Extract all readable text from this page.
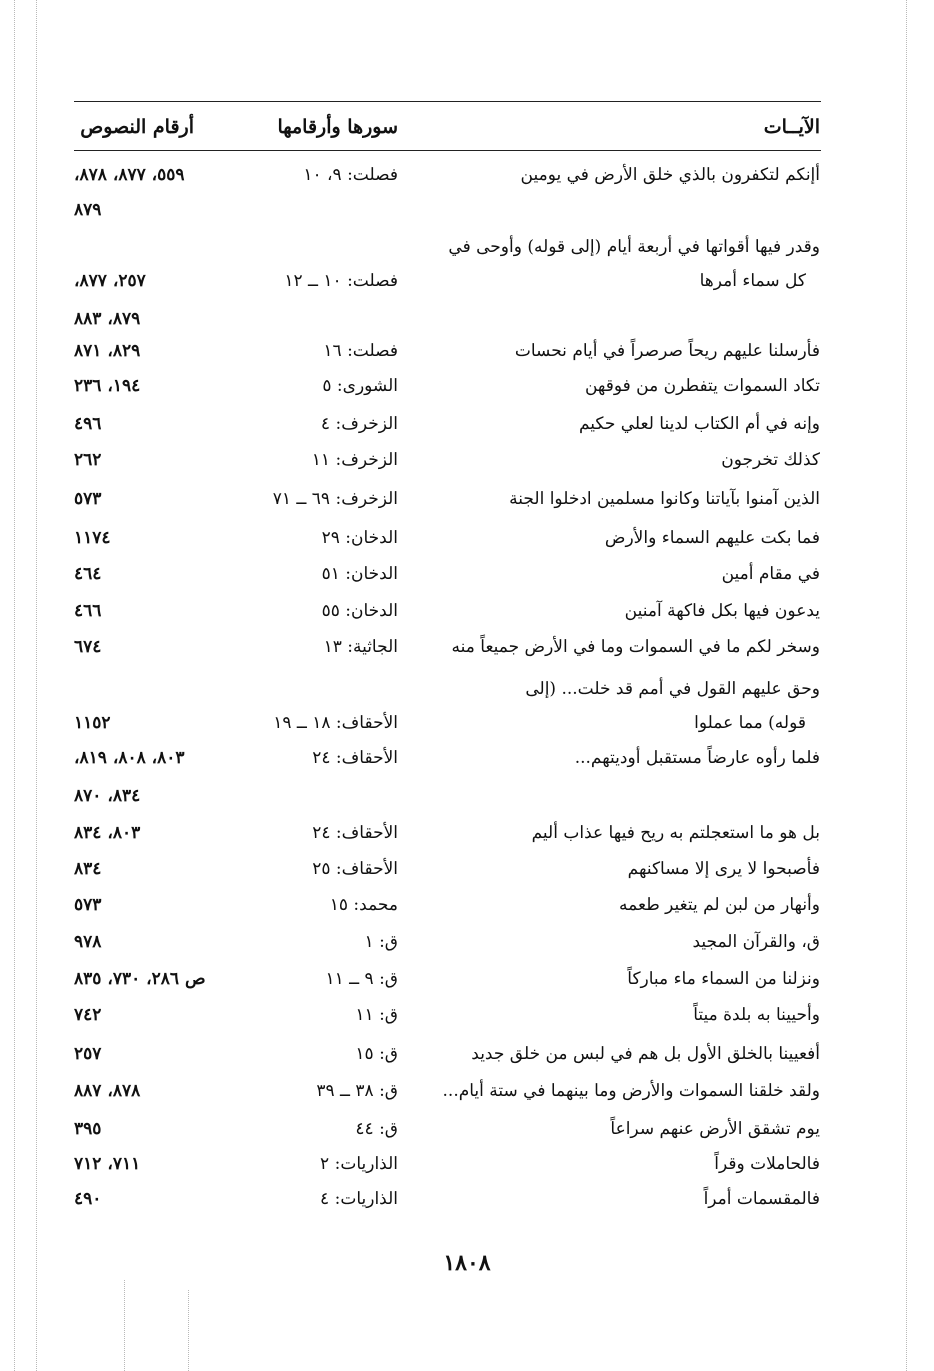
الآيــات
سورها وأرقامها
أرقام النصوص
أإنكم لتكفرون بالذي خلق الأرض في يومين
فصلت: ٩، ١٠
٥٥٩، ٨٧٧، ٨٧٨،
٨٧٩
وقدر فيها أقواتها في أربعة أيام (إلى قوله) وأوحى في
كل سماء أمرها
فصلت: ١٠ ــ ١٢
٢٥٧، ٨٧٧،
٨٧٩، ٨٨٣
فأرسلنا عليهم ريحاً صرصراً في أيام نحسات
فصلت: ١٦
٨٢٩، ٨٧١
تكاد السموات يتفطرن من فوقهن
الشورى: ٥
١٩٤، ٢٣٦
وإنه في أم الكتاب لدينا لعلي حكيم
الزخرف: ٤
٤٩٦
كذلك تخرجون
الزخرف: ١١
٢٦٢
الذين آمنوا بآياتنا وكانوا مسلمين ادخلوا الجنة
الزخرف: ٦٩ ــ ٧١
٥٧٣
فما بكت عليهم السماء والأرض
الدخان: ٢٩
١١٧٤
في مقام أمين
الدخان: ٥١
٤٦٤
يدعون فيها بكل فاكهة آمنين
الدخان: ٥٥
٤٦٦
وسخر لكم ما في السموات وما في الأرض جميعاً منه
الجاثية: ١٣
٦٧٤
وحق عليهم القول في أمم قد خلت... (إلى
قوله) مما عملوا
الأحقاف: ١٨ ــ ١٩
١١٥٢
فلما رأوه عارضاً مستقبل أوديتهم...
الأحقاف: ٢٤
٨٠٣، ٨٠٨، ٨١٩،
٨٣٤، ٨٧٠
بل هو ما استعجلتم به ريح فيها عذاب أليم
الأحقاف: ٢٤
٨٠٣، ٨٣٤
فأصبحوا لا يرى إلا مساكنهم
الأحقاف: ٢٥
٨٣٤
وأنهار من لبن لم يتغير طعمه
محمد: ١٥
٥٧٣
ق، والقرآن المجيد
ق: ١
٩٧٨
ونزلنا من السماء ماء مباركاً
ق: ٩ ــ ١١
ص ٢٨٦، ٧٣٠، ٨٣٥
وأحيينا به بلدة ميتاً
ق: ١١
٧٤٢
أفعيينا بالخلق الأول بل هم في لبس من خلق جديد
ق: ١٥
٢٥٧
ولقد خلقنا السموات والأرض وما بينهما في ستة أيام...
ق: ٣٨ ــ ٣٩
٨٧٨، ٨٨٧
يوم تشقق الأرض عنهم سراعاً
ق: ٤٤
٣٩٥
فالحاملات وقراً
الذاريات: ٢
٧١١، ٧١٢
فالمقسمات أمراً
الذاريات: ٤
٤٩٠
١٨٠٨
